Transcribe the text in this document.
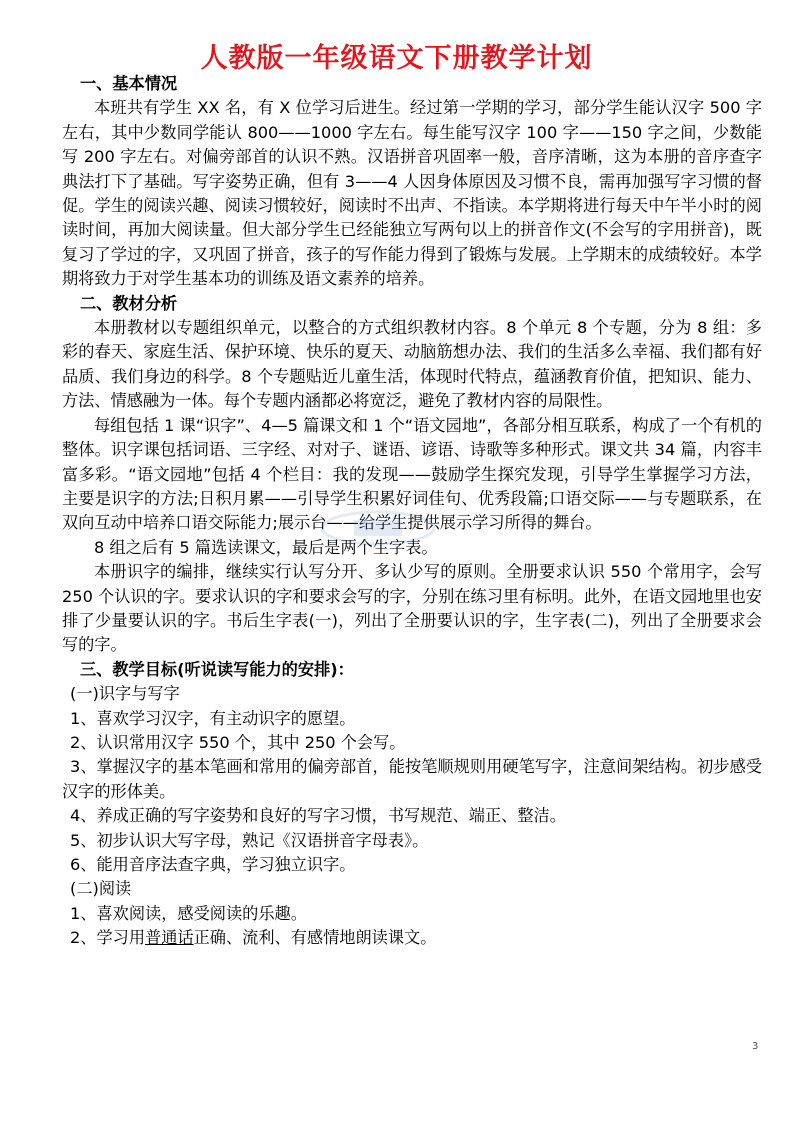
人教版一年级语文下册教学计划

一、基本情况

本班共有学生 XX 名，有 X 位学习后进生。经过第一学期的学习，部分学生能认汉字 500 字左右，其中少数同学能认 800——1000 字左右。每生能写汉字 100 字——150 字之间，少数能写 200 字左右。对偏旁部首的认识不熟。汉语拼音巩固率一般，音序清晰，这为本册的音序查字典法打下了基础。写字姿势正确，但有 3——4 人因身体原因及习惯不良，需再加强写字习惯的督促。学生的阅读兴趣、阅读习惯较好，阅读时不出声、不指读。本学期将进行每天中午半小时的阅读时间，再加大阅读量。但大部分学生已经能独立写两句以上的拼音作文(不会写的字用拼音)，既复习了学过的字，又巩固了拼音，孩子的写作能力得到了锻炼与发展。上学期末的成绩较好。本学期将致力于对学生基本功的训练及语文素养的培养。

二、教材分析

本册教材以专题组织单元，以整合的方式组织教材内容。8 个单元 8 个专题，分为 8 组：多彩的春天、家庭生活、保护环境、快乐的夏天、动脑筋想办法、我们的生活多么幸福、我们都有好品质、我们身边的科学。8 个专题贴近儿童生活，体现时代特点，蕴涵教育价值，把知识、能力、方法、情感融为一体。每个专题内涵都必将宽泛，避免了教材内容的局限性。

每组包括 1 课“识字”、4—5 篇课文和 1 个“语文园地”，各部分相互联系，构成了一个有机的整体。识字课包括词语、三字经、对对子、谜语、谚语、诗歌等多种形式。课文共 34 篇，内容丰富多彩。“语文园地”包括 4 个栏目：我的发现——鼓励学生探究发现，引导学生掌握学习方法，主要是识字的方法;日积月累——引导学生积累好词佳句、优秀段篇;口语交际——与专题联系，在双向互动中培养口语交际能力;展示台——给学生提供展示学习所得的舞台。

8 组之后有 5 篇选读课文，最后是两个生字表。

本册识字的编排，继续实行认写分开、多认少写的原则。全册要求认识 550 个常用字，会写 250 个认识的字。要求认识的字和要求会写的字，分别在练习里有标明。此外，在语文园地里也安排了少量要认识的字。书后生字表(一)，列出了全册要认识的字，生字表(二)，列出了全册要求会写的字。

三、教学目标(听说读写能力的安排)：

(一)识字与写字

1、喜欢学习汉字，有主动识字的愿望。

2、认识常用汉字 550 个，其中 250 个会写。

3、掌握汉字的基本笔画和常用的偏旁部首，能按笔顺规则用硬笔写字，注意间架结构。初步感受汉字的形体美。

4、养成正确的写字姿势和良好的写字习惯，书写规范、端正、整洁。

5、初步认识大写字母，熟记《汉语拼音字母表》。

6、能用音序法查字典，学习独立识字。

(二)阅读

1、喜欢阅读，感受阅读的乐趣。

2、学习用普通话正确、流利、有感情地朗读课文。

3
